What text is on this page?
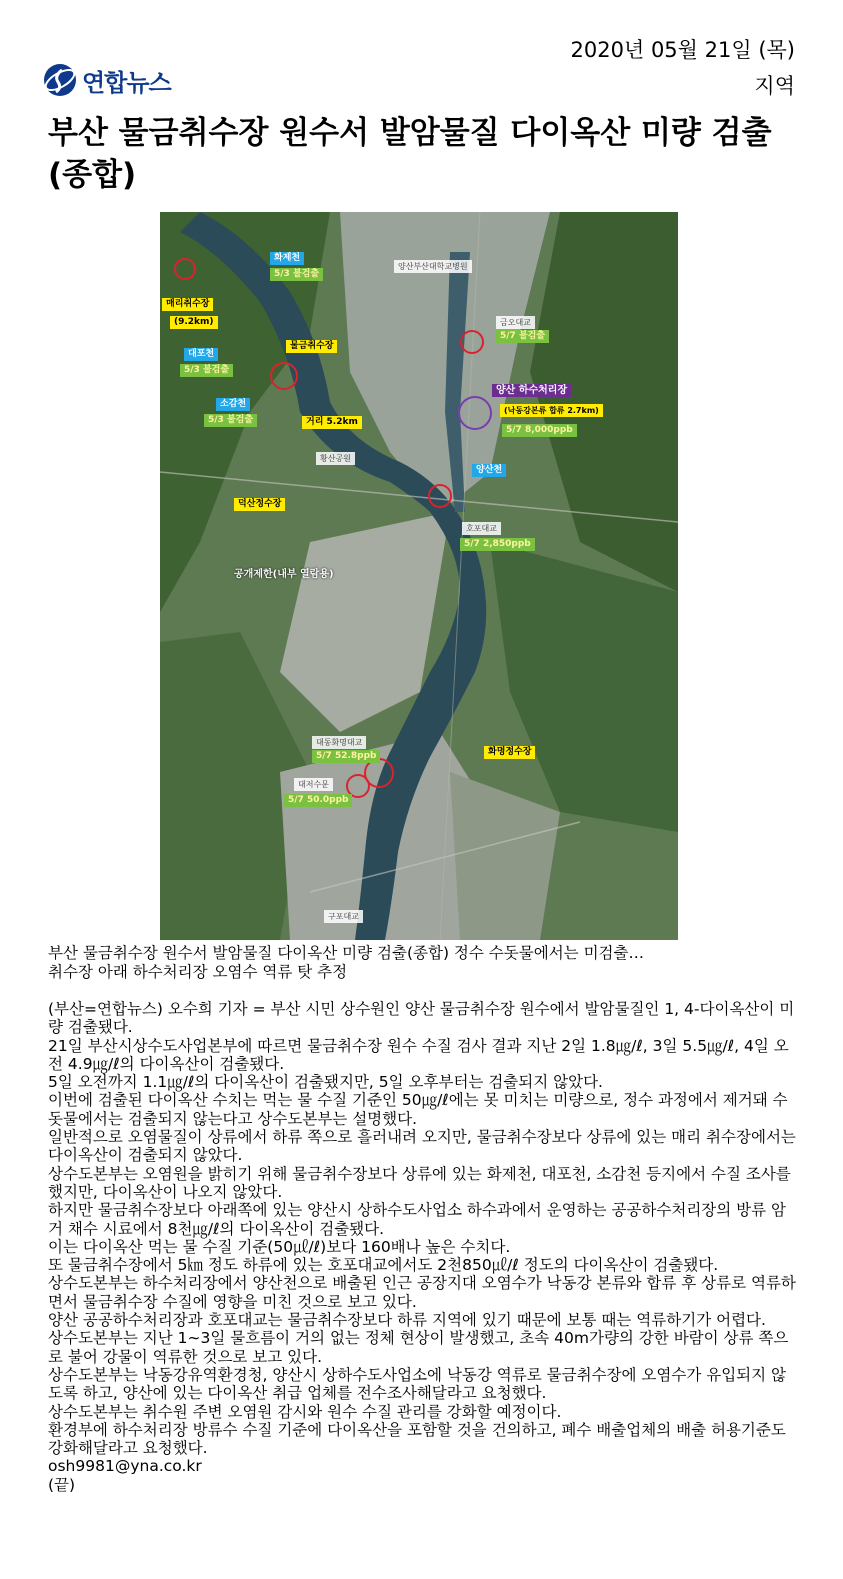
연합뉴스
2020년 05월 21일 (목)
지역
부산 물금취수장 원수서 발암물질 다이옥산 미량 검출(종합)
화제천
5/3 불검출
양산부산대학교병원
매리취수장
(9.2km)	금오대교
5/7 불검출
물금취수장
대포천
5/3 불검출
양산 하수처리장
(낙동강본류 합류 2.7km)
5/7 8,000ppb
소감천
5/3 불검출	거리 5.2km
황산공원
양산천
덕산정수장
호포대교
5/7 2,850ppb
공개제한(내부 열람용)
대동화명대교
5/7 52.8ppb
대저수문
5/7 50.0ppb
화명정수장
구포대교
부산 물금취수장 원수서 발암물질 다이옥산 미량 검출(종합) 정수 수돗물에서는 미검출…
취수장 아래 하수처리장 오염수 역류 탓 추정

(부산=연합뉴스) 오수희 기자 = 부산 시민 상수원인 양산 물금취수장 원수에서 발암물질인 1, 4-다이옥산이 미량 검출됐다.

21일 부산시상수도사업본부에 따르면 물금취수장 원수 수질 검사 결과 지난 2일 1.8㎍/ℓ, 3일 5.5㎍/ℓ, 4일 오전 4.9㎍/ℓ의 다이옥산이 검출됐다.

5일 오전까지 1.1㎍/ℓ의 다이옥산이 검출됐지만, 5일 오후부터는 검출되지 않았다.

이번에 검출된 다이옥산 수치는 먹는 물 수질 기준인 50㎍/ℓ에는 못 미치는 미량으로, 정수 과정에서 제거돼 수돗물에서는 검출되지 않는다고 상수도본부는 설명했다.

일반적으로 오염물질이 상류에서 하류 쪽으로 흘러내려 오지만, 물금취수장보다 상류에 있는 매리 취수장에서는 다이옥산이 검출되지 않았다.

상수도본부는 오염원을 밝히기 위해 물금취수장보다 상류에 있는 화제천, 대포천, 소감천 등지에서 수질 조사를 했지만, 다이옥산이 나오지 않았다.

하지만 물금취수장보다 아래쪽에 있는 양산시 상하수도사업소 하수과에서 운영하는 공공하수처리장의 방류 암거 채수 시료에서 8천㎍/ℓ의 다이옥산이 검출됐다.

이는 다이옥산 먹는 물 수질 기준(50㎕/ℓ)보다 160배나 높은 수치다.

또 물금취수장에서 5㎞ 정도 하류에 있는 호포대교에서도 2천850㎕/ℓ 정도의 다이옥산이 검출됐다.

상수도본부는 하수처리장에서 양산천으로 배출된 인근 공장지대 오염수가 낙동강 본류와 합류 후 상류로 역류하면서 물금취수장 수질에 영향을 미친 것으로 보고 있다.

양산 공공하수처리장과 호포대교는 물금취수장보다 하류 지역에 있기 때문에 보통 때는 역류하기가 어렵다.

상수도본부는 지난 1∼3일 물흐름이 거의 없는 정체 현상이 발생했고, 초속 40m가량의 강한 바람이 상류 쪽으로 불어 강물이 역류한 것으로 보고 있다.

상수도본부는 낙동강유역환경청, 양산시 상하수도사업소에 낙동강 역류로 물금취수장에 오염수가 유입되지 않도록 하고, 양산에 있는 다이옥산 취급 업체를 전수조사해달라고 요청했다.

상수도본부는 취수원 주변 오염원 감시와 원수 수질 관리를 강화할 예정이다.

환경부에 하수처리장 방류수 수질 기준에 다이옥산을 포함할 것을 건의하고, 폐수 배출업체의 배출 허용기준도 강화해달라고 요청했다.

osh9981@yna.co.kr

(끝)
